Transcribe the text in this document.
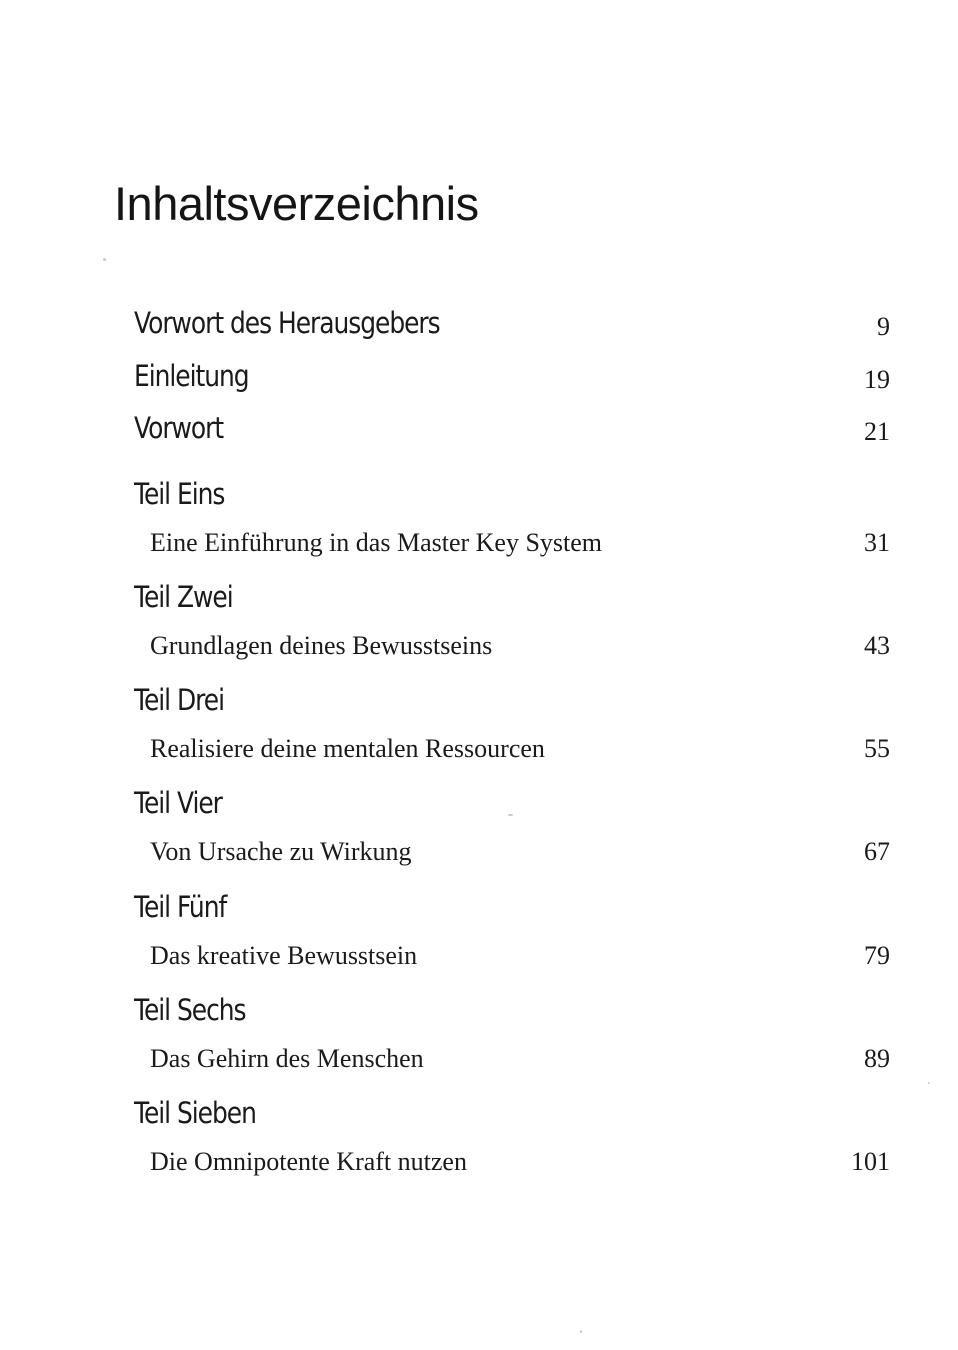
Inhaltsverzeichnis
Vorwort des Herausgebers	9
Einleitung	19
Vorwort	21
Teil Eins
Eine Einführung in das Master Key System	31
Teil Zwei
Grundlagen deines Bewusstseins	43
Teil Drei
Realisiere deine mentalen Ressourcen	55
Teil Vier
Von Ursache zu Wirkung	67
Teil Fünf
Das kreative Bewusstsein	79
Teil Sechs
Das Gehirn des Menschen	89
Teil Sieben
Die Omnipotente Kraft nutzen	101
